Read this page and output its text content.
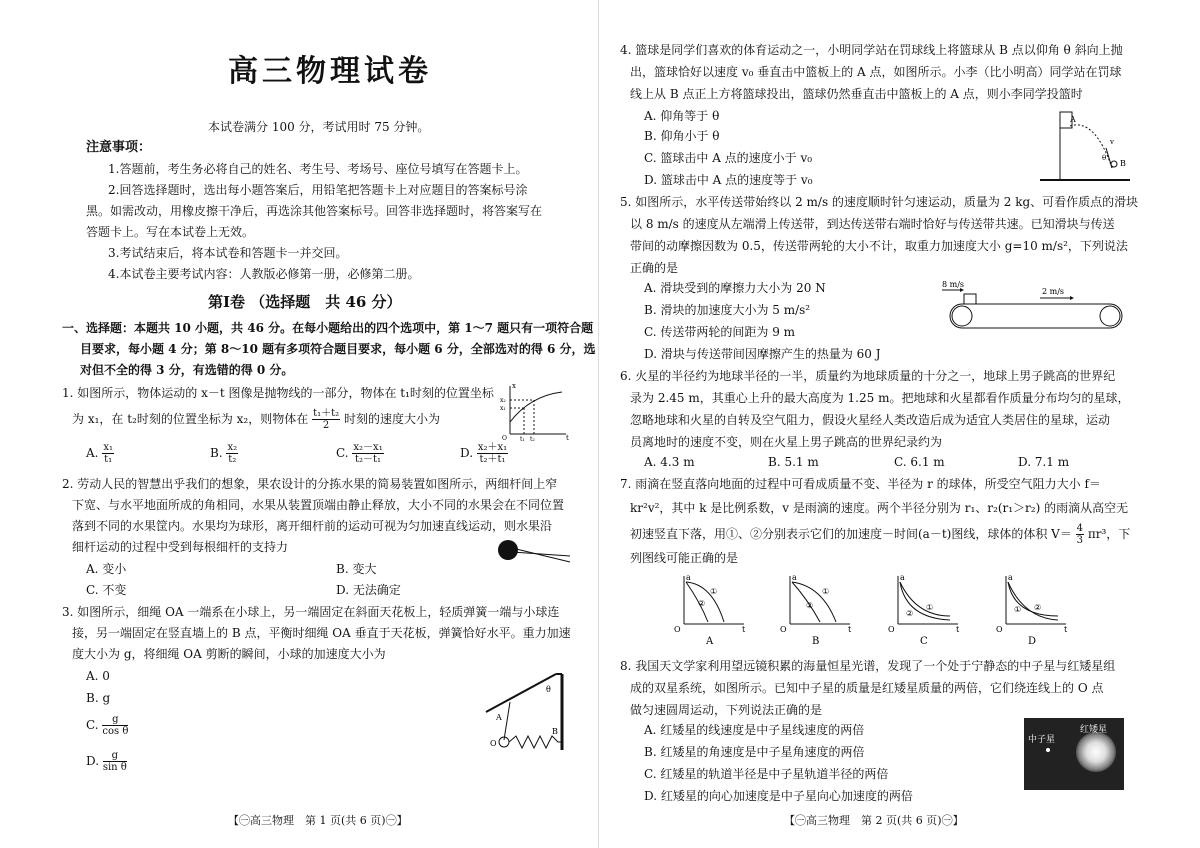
高三物理试卷
本试卷满分 100 分，考试用时 75 分钟。
注意事项：
1.答题前，考生务必将自己的姓名、考生号、考场号、座位号填写在答题卡上。
2.回答选择题时，选出每小题答案后，用铅笔把答题卡上对应题目的答案标号涂
黑。如需改动，用橡皮擦干净后，再选涂其他答案标号。回答非选择题时，将答案写在
答题卡上。写在本试卷上无效。
3.考试结束后，将本试卷和答题卡一并交回。
4.本试卷主要考试内容：人教版必修第一册，必修第二册。
第Ⅰ卷 （选择题　共 46 分）
一、选择题：本题共 10 小题，共 46 分。在每小题给出的四个选项中，第 1～7 题只有一项符合题
目要求，每小题 4 分；第 8～10 题有多项符合题目要求，每小题 6 分，全部选对的得 6 分，选
对但不全的得 3 分，有选错的得 0 分。
1. 如图所示，物体运动的 x－t 图像是抛物线的一部分，物体在 t₁时刻的位置坐标
为 x₁，在 t₂时刻的位置坐标为 x₂，则物体在 $\frac{\text{t₁＋t₂}}{2}$ 时刻的速度大小为
x
x₂
x₁
O t₁ t₂	t
A. $\frac{\text{x₁}}{\text{t₁}}$	B. $\frac{\text{x₂}}{\text{t₂}}$	C. $\frac{\text{x₂－x₁}}{\text{t₂－t₁}}$	D. $\frac{\text{x₂＋x₁}}{\text{t₂＋t₁}}$
2. 劳动人民的智慧出乎我们的想象，果农设计的分拣水果的简易装置如图所示，两细杆间上窄
下宽、与水平地面所成的角相同，水果从装置顶端由静止释放，大小不同的水果会在不同位置
落到不同的水果筐内。水果均为球形，离开细杆前的运动可视为匀加速直线运动，则水果沿
细杆运动的过程中受到每根细杆的支持力
A. 变小	B. 变大
C. 不变	D. 无法确定
3. 如图所示，细绳 OA 一端系在小球上，另一端固定在斜面天花板上，轻质弹簧一端与小球连
接，另一端固定在竖直墙上的 B 点，平衡时细绳 OA 垂直于天花板，弹簧恰好水平。重力加速
度大小为 g，将细绳 OA 剪断的瞬间，小球的加速度大小为
A. 0
B. g
C. $\frac{g}{\text{cos θ}}$
D. $\frac{g}{\text{sin θ}}$
θ
A
B
O
【㊀高三物理　第 1 页(共 6 页)㊀】
4. 篮球是同学们喜欢的体育运动之一，小明同学站在罚球线上将篮球从 B 点以仰角 θ 斜向上抛
出，篮球恰好以速度 v₀ 垂直击中篮板上的 A 点，如图所示。小李（比小明高）同学站在罚球
线上从 B 点正上方将篮球投出，篮球仍然垂直击中篮板上的 A 点，则小李同学投篮时
A. 仰角等于 θ
B. 仰角小于 θ
C. 篮球击中 A 点的速度小于 v₀
D. 篮球击中 A 点的速度等于 v₀
A
v
θ
B
5. 如图所示，水平传送带始终以 2 m/s 的速度顺时针匀速运动，质量为 2 kg、可看作质点的滑块
以 8 m/s 的速度从左端滑上传送带，到达传送带右端时恰好与传送带共速。已知滑块与传送
带间的动摩擦因数为 0.5，传送带两轮的大小不计，取重力加速度大小 g=10 m/s²，下列说法
正确的是
A. 滑块受到的摩擦力大小为 20 N
B. 滑块的加速度大小为 5 m/s²
C. 传送带两轮的间距为 9 m
D. 滑块与传送带间因摩擦产生的热量为 60 J
8 m/s
2 m/s
6. 火星的半径约为地球半径的一半，质量约为地球质量的十分之一，地球上男子跳高的世界纪
录为 2.45 m，其重心上升的最大高度为 1.25 m。把地球和火星都看作质量分布均匀的星球，
忽略地球和火星的自转及空气阻力，假设火星经人类改造后成为适宜人类居住的星球，运动
员离地时的速度不变，则在火星上男子跳高的世界纪录约为
A. 4.3 m	B. 5.1 m	C. 6.1 m	D. 7.1 m
7. 雨滴在竖直落向地面的过程中可看成质量不变、半径为 r 的球体，所受空气阻力大小 f＝
kr²v²，其中 k 是比例系数，v 是雨滴的速度。两个半径分别为 r₁、r₂(r₁＞r₂) 的雨滴从高空无
初速竖直下落，用①、②分别表示它们的加速度－时间(a－t)图线，球体的体积 $V= \frac{4}{3} \pi r^3$，下
列图线可能正确的是
a
t
O
①
②
A
a
t
O
①
②
B
a
t
O
①
②
C
a
t
O
① ②
D
8. 我国天文学家利用望远镜积累的海量恒星光谱，发现了一个处于宁静态的中子星与红矮星组
成的双星系统，如图所示。已知中子星的质量是红矮星质量的两倍，它们绕连线上的 O 点
做匀速圆周运动，下列说法正确的是
A. 红矮星的线速度是中子星线速度的两倍
B. 红矮星的角速度是中子星角速度的两倍
C. 红矮星的轨道半径是中子星轨道半径的两倍
D. 红矮星的向心加速度是中子星向心加速度的两倍
中子星
红矮星
【㊀高三物理　第 2 页(共 6 页)㊀】
